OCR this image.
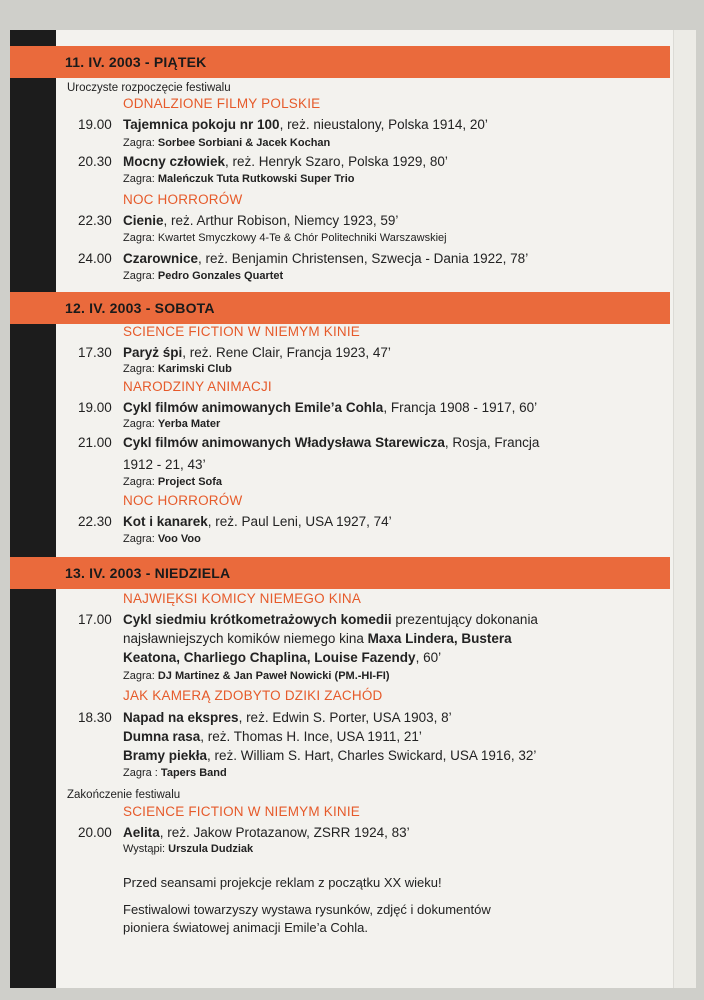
11. IV. 2003 - PIĄTEK
Uroczyste rozpoczęcie festiwalu
ODNALZIONE FILMY POLSKIE
19.00 Tajemnica pokoju nr 100, reż. nieustalony, Polska 1914, 20’
Zagra: Sorbee Sorbiani & Jacek Kochan
20.30 Mocny człowiek, reż. Henryk Szaro, Polska 1929, 80’
Zagra: Maleńczuk Tuta Rutkowski Super Trio
NOC HORRORÓW
22.30 Cienie, reż. Arthur Robison, Niemcy 1923, 59’
Zagra: Kwartet Smyczkowy 4-Te & Chór Politechniki Warszawskiej
24.00 Czarownice, reż. Benjamin Christensen, Szwecja - Dania 1922, 78’
Zagra: Pedro Gonzales Quartet
12. IV. 2003 - SOBOTA
SCIENCE FICTION W NIEMYM KINIE
17.30 Paryż śpi, reż. Rene Clair, Francja 1923, 47’
Zagra: Karimski Club
NARODZINY ANIMACJI
19.00 Cykl filmów animowanych Emile’a Cohla, Francja 1908 - 1917, 60’
Zagra: Yerba Mater
21.00 Cykl filmów animowanych Władysława Starewicza, Rosja, Francja
1912 - 21, 43’
Zagra: Project Sofa
NOC HORRORÓW
22.30 Kot i kanarek, reż. Paul Leni, USA 1927, 74’
Zagra: Voo Voo
13. IV. 2003 - NIEDZIELA
NAJWIĘKSI KOMICY NIEMEGO KINA
17.00 Cykl siedmiu krótkometrażowych komedii prezentujący dokonania
najsławniejszych komików niemego kina Maxa Lindera, Bustera
Keatona, Charliego Chaplina, Louise Fazendy, 60’
Zagra: DJ Martinez & Jan Paweł Nowicki (PM.-HI-FI)
JAK KAMERĄ ZDOBYTO DZIKI ZACHÓD
18.30 Napad na ekspres, reż. Edwin S. Porter, USA 1903, 8’
Dumna rasa, reż. Thomas H. Ince, USA 1911, 21’
Bramy piekła, reż. William S. Hart, Charles Swickard, USA 1916, 32’
Zagra : Tapers Band
Zakończenie festiwalu
SCIENCE FICTION W NIEMYM KINIE
20.00 Aelita, reż. Jakow Protazanow, ZSRR 1924, 83’
Wystąpi: Urszula Dudziak
Przed seansami projekcje reklam z początku XX wieku!
Festiwalowi towarzyszy wystawa rysunków, zdjęć i dokumentów
pioniera światowej animacji Emile’a Cohla.
